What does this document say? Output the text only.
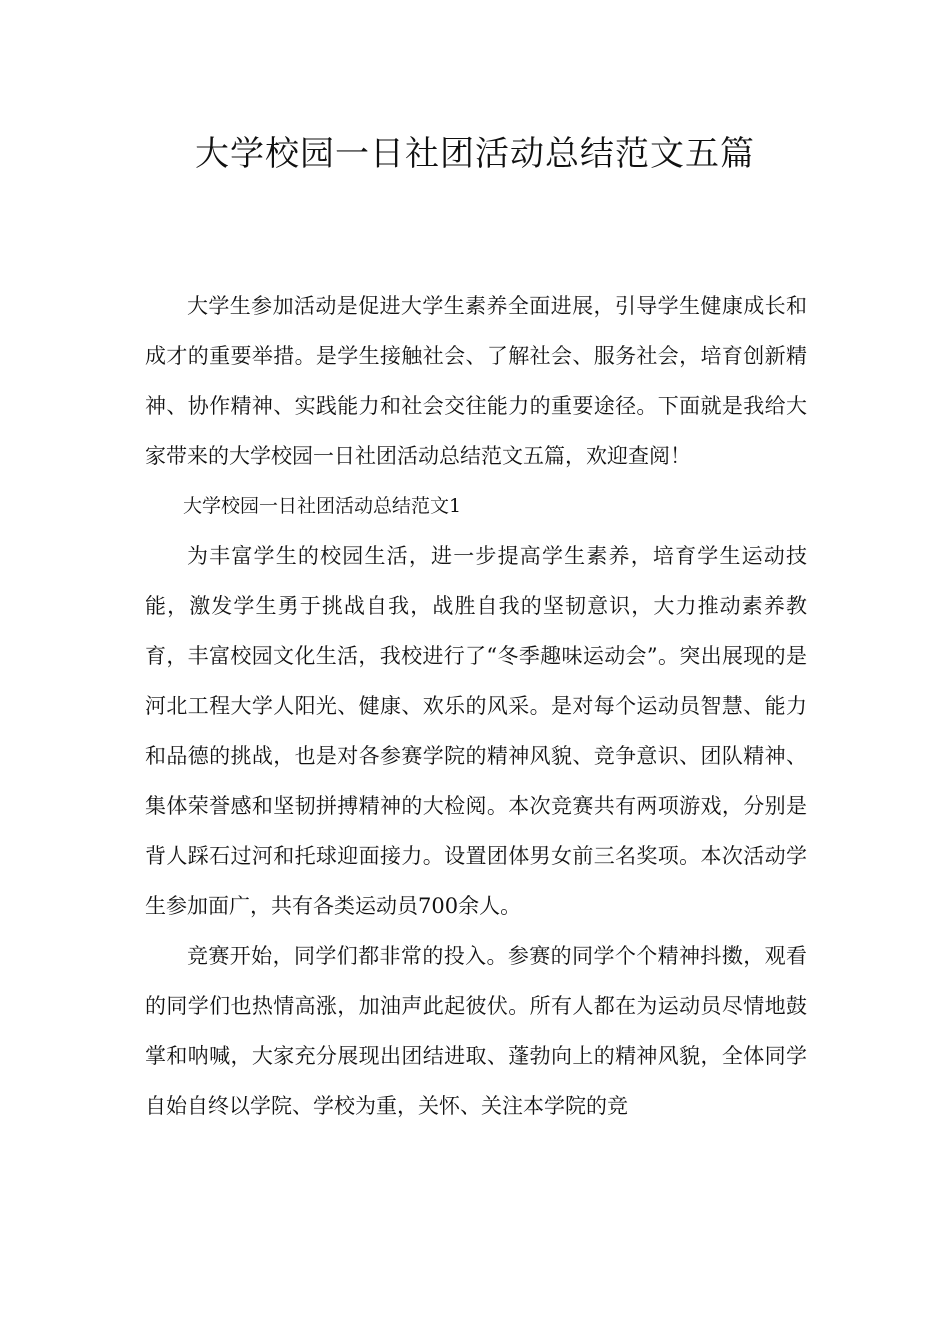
大学校园一日社团活动总结范文五篇

大学生参加活动是促进大学生素养全面进展，引导学生健康成长和成才的重要举措。是学生接触社会、了解社会、服务社会，培育创新精神、协作精神、实践能力和社会交往能力的重要途径。下面就是我给大家带来的大学校园一日社团活动总结范文五篇，欢迎查阅！

大学校园一日社团活动总结范文1

为丰富学生的校园生活，进一步提高学生素养，培育学生运动技能，激发学生勇于挑战自我，战胜自我的坚韧意识，大力推动素养教育，丰富校园文化生活，我校进行了“冬季趣味运动会”。突出展现的是河北工程大学人阳光、健康、欢乐的风采。是对每个运动员智慧、能力和品德的挑战，也是对各参赛学院的精神风貌、竞争意识、团队精神、集体荣誉感和坚韧拼搏精神的大检阅。本次竞赛共有两项游戏，分别是背人踩石过河和托球迎面接力。设置团体男女前三名奖项。本次活动学生参加面广，共有各类运动员700余人。

竞赛开始，同学们都非常的投入。参赛的同学个个精神抖擞，观看的同学们也热情高涨，加油声此起彼伏。所有人都在为运动员尽情地鼓掌和呐喊，大家充分展现出团结进取、蓬勃向上的精神风貌，全体同学自始自终以学院、学校为重，关怀、关注本学院的竞
